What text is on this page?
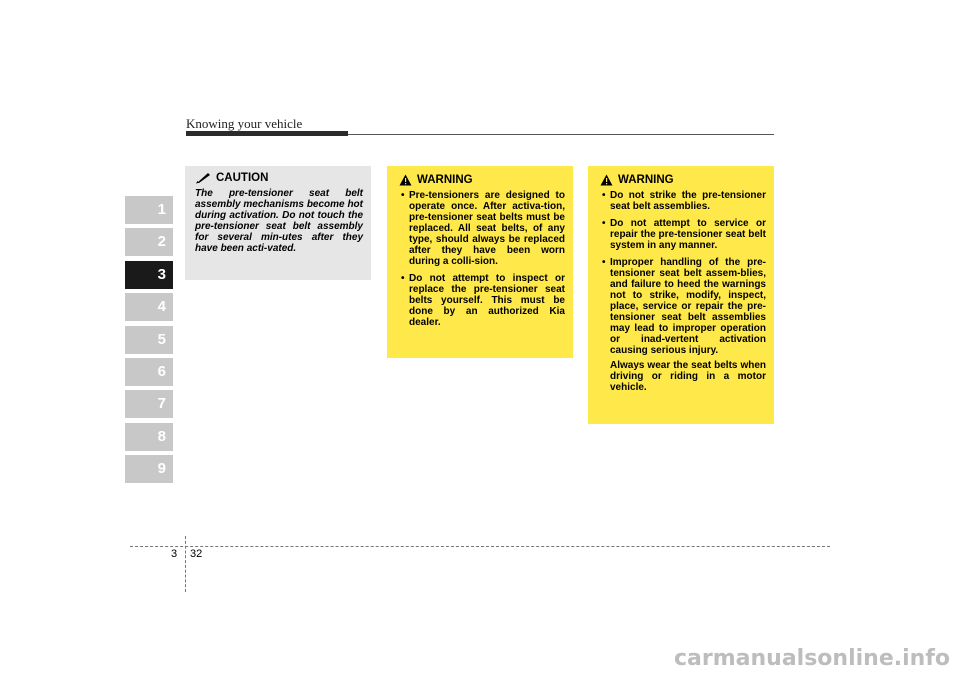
Knowing your vehicle
1
2
3
4
5
6
7
8
9
CAUTION
The pre-tensioner seat belt assembly mechanisms become hot during activation. Do not touch the pre-tensioner seat belt assembly for several min-utes after they have been acti-vated.
WARNING
• Pre-tensioners are designed to operate once. After activa-tion, pre-tensioner seat belts must be replaced. All seat belts, of any type, should always be replaced after they have been worn during a colli-sion.
• Do not attempt to inspect or replace the pre-tensioner seat belts yourself. This must be done by an authorized Kia dealer.
WARNING
• Do not strike the pre-tensioner seat belt assemblies.
• Do not attempt to service or repair the pre-tensioner seat belt system in any manner.
• Improper handling of the pre-tensioner seat belt assem-blies, and failure to heed the warnings not to strike, modify, inspect, place, service or repair the pre-tensioner seat belt assemblies may lead to improper operation or inad-vertent activation causing serious injury.
Always wear the seat belts when driving or riding in a motor vehicle.
3 32
carmanualsonline.info
